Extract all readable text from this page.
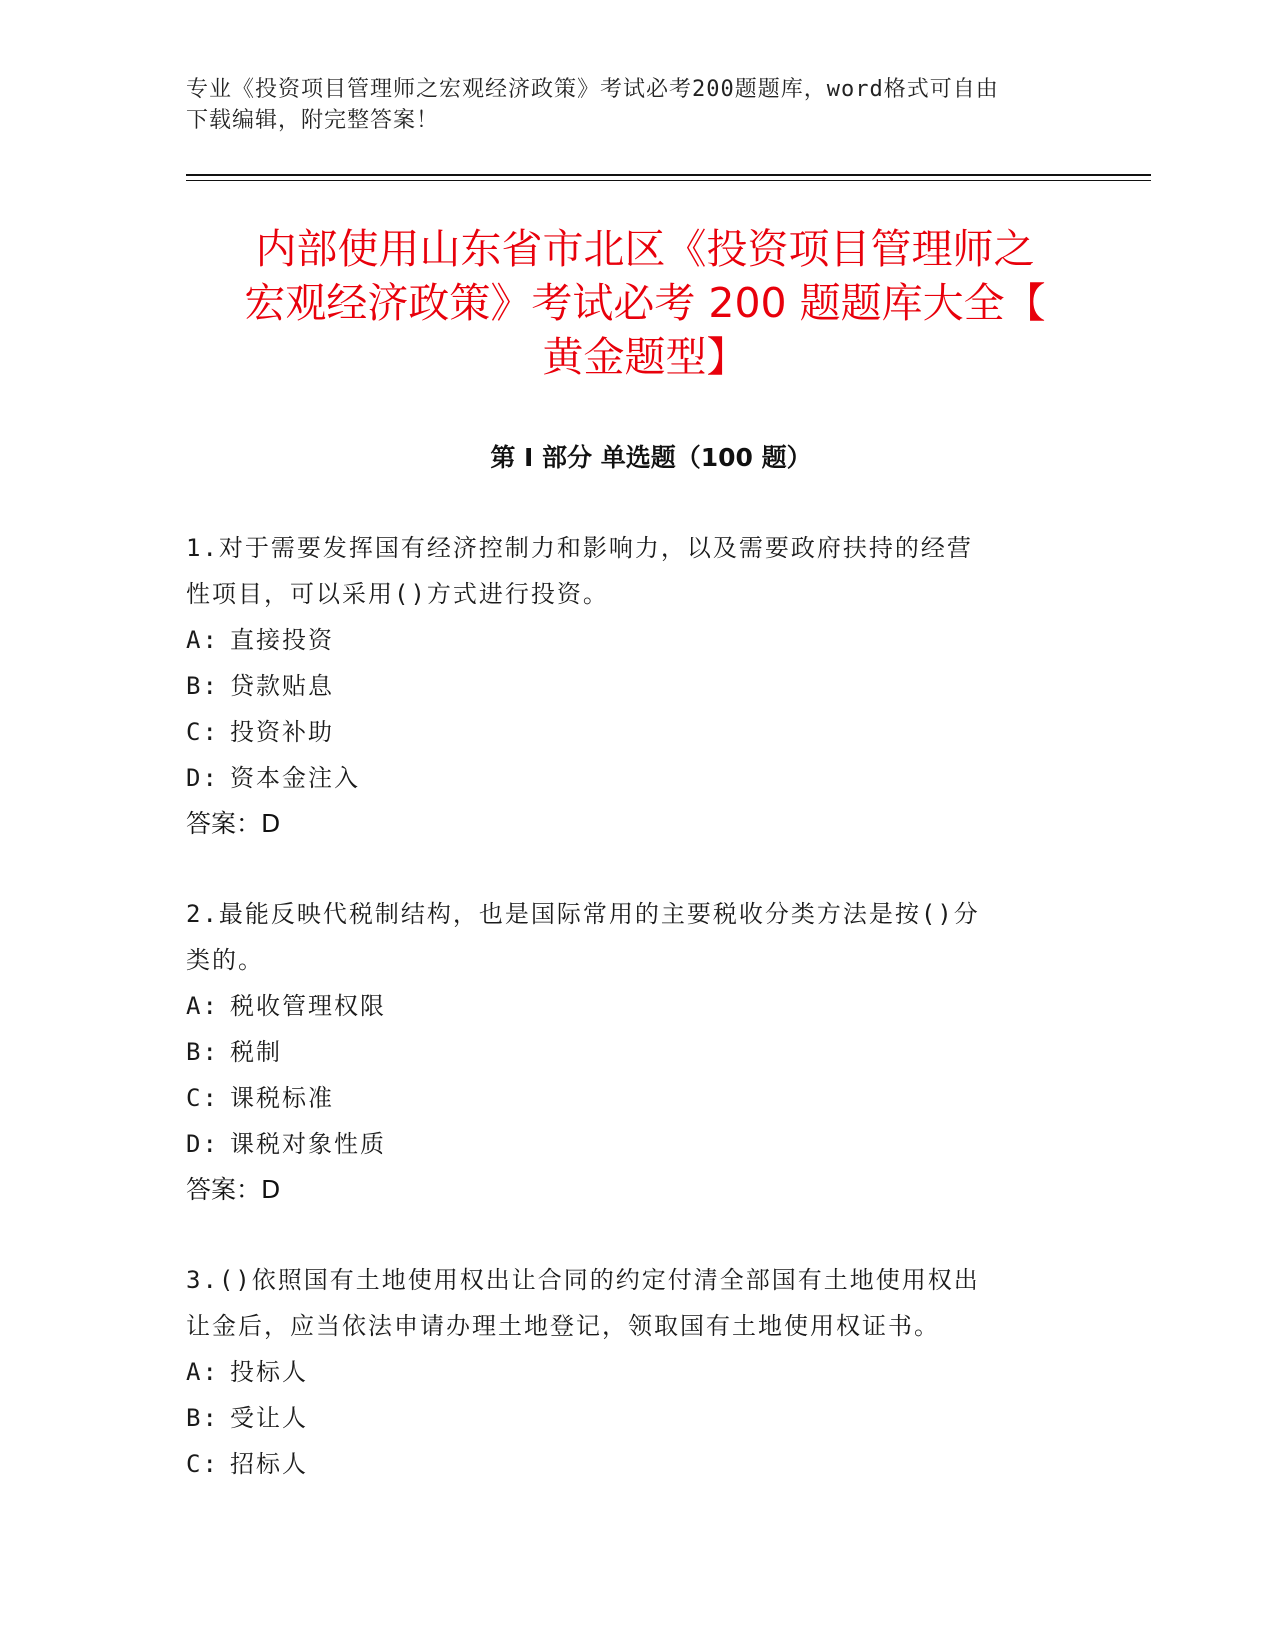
专业《投资项目管理师之宏观经济政策》考试必考200题题库，word格式可自由
下载编辑，附完整答案！
内部使用山东省市北区《投资项目管理师之
宏观经济政策》考试必考 200 题题库大全【
黄金题型】
第 I 部分 单选题（100 题）
1.对于需要发挥国有经济控制力和影响力，以及需要政府扶持的经营
性项目，可以采用()方式进行投资。
A: 直接投资
B: 贷款贴息
C: 投资补助
D: 资本金注入
答案：D
2.最能反映代税制结构，也是国际常用的主要税收分类方法是按()分
类的。
A: 税收管理权限
B: 税制
C: 课税标准
D: 课税对象性质
答案：D
3.()依照国有土地使用权出让合同的约定付清全部国有土地使用权出
让金后，应当依法申请办理土地登记，领取国有土地使用权证书。
A: 投标人
B: 受让人
C: 招标人
